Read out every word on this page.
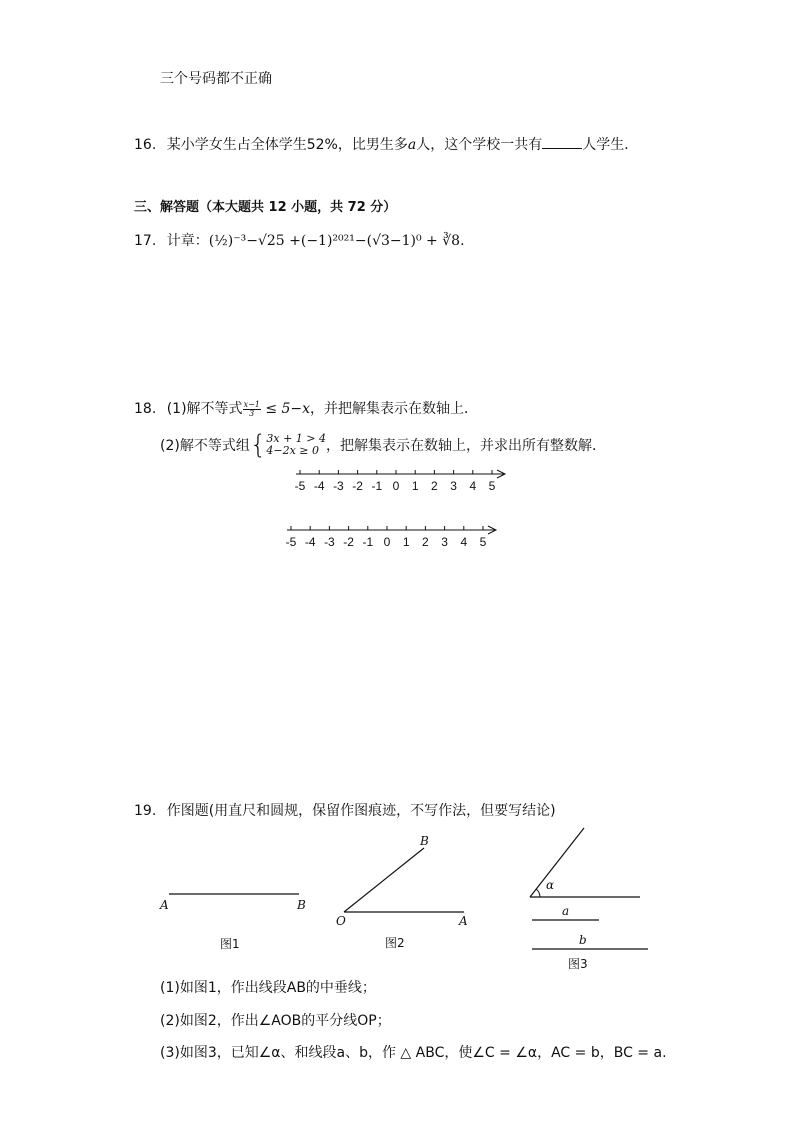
三个号码都不正确
16. 某小学女生占全体学生52%，比男生多a人，这个学校一共有	人学生．
三、解答题（本大题共 12 小题，共 72 分）
17. 计章：(½)⁻³−√25 +(−1)²⁰²¹−(√3−1)⁰ + ∛8.
18. (1)解不等式 $\frac{x-1}{3} \le 5-x$，并把解集表示在数轴上．
(2)解不等式组{ 3x + 1 > 4
4−2x ≥ 0 ，把解集表示在数轴上，并求出所有整数解．
-5 -4 -3 -2 -1 0 1 2 3 4 5
-5 -4 -3 -2 -1 0 1 2 3 4 5
19. 作图题(用直尺和圆规，保留作图痕迹，不写作法，但要写结论)
A	B
图1
O	A
B
图2
α
a
b
图3
(1)如图1，作出线段AB的中垂线；
(2)如图2，作出∠AOB的平分线OP；
(3)如图3，已知∠α、和线段a、b，作 △ ABC，使∠C = ∠α，AC = b，BC = a.
